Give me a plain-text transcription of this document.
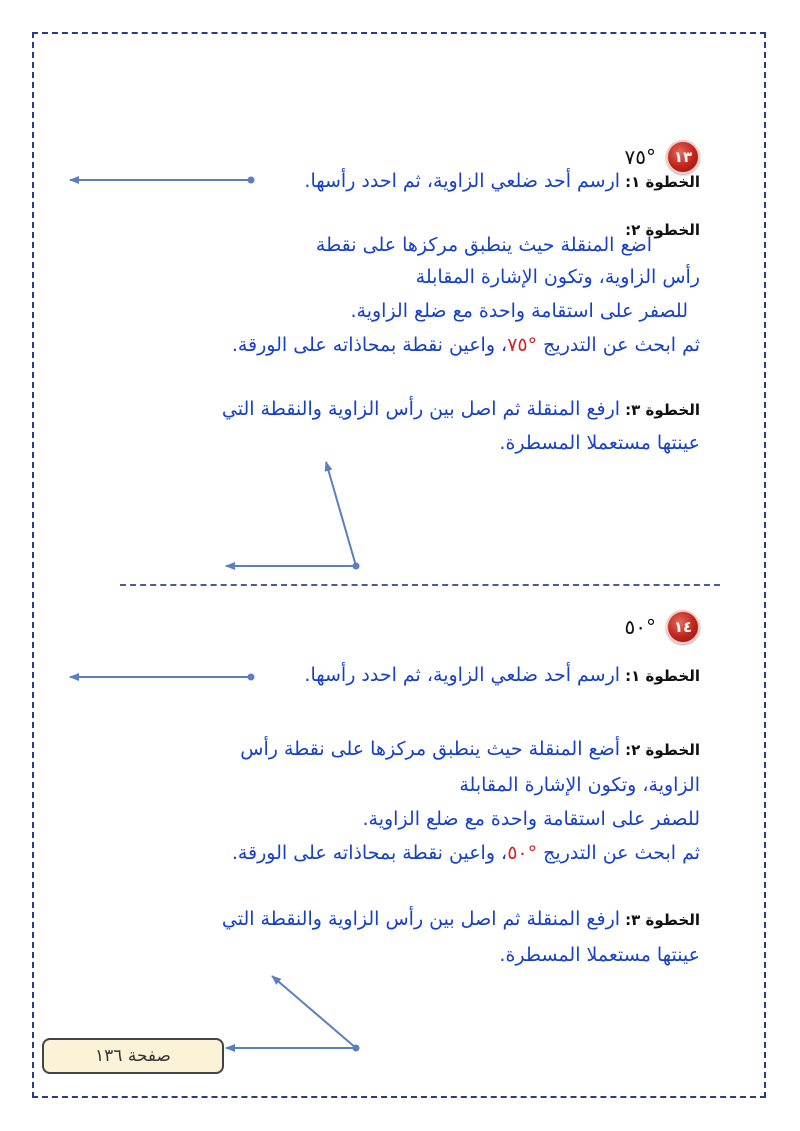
١٣
°٧٥
الخطوة ١: ارسم أحد ضلعي الزاوية، ثم احدد رأسها.
الخطوة ٢:
اضع المنقلة حيث ينطبق مركزها على نقطة
رأس الزاوية، وتكون الإشارة المقابلة
للصفر على استقامة واحدة مع ضلع الزاوية.
ثم ابحث عن التدريج °٧٥، واعين نقطة بمحاذاته على الورقة.
الخطوة ٣: ارفع المنقلة ثم اصل بين رأس الزاوية والنقطة التي
عينتها مستعملا المسطرة.
١٤
°٥٠
الخطوة ١: ارسم أحد ضلعي الزاوية، ثم احدد رأسها.
الخطوة ٢: أضع المنقلة حيث ينطبق مركزها على نقطة رأس
الزاوية، وتكون الإشارة المقابلة
للصفر على استقامة واحدة مع ضلع الزاوية.
ثم ابحث عن التدريج °٥٠، واعين نقطة بمحاذاته على الورقة.
الخطوة ٣: ارفع المنقلة ثم اصل بين رأس الزاوية والنقطة التي
عينتها مستعملا المسطرة.
صفحة ١٣٦
